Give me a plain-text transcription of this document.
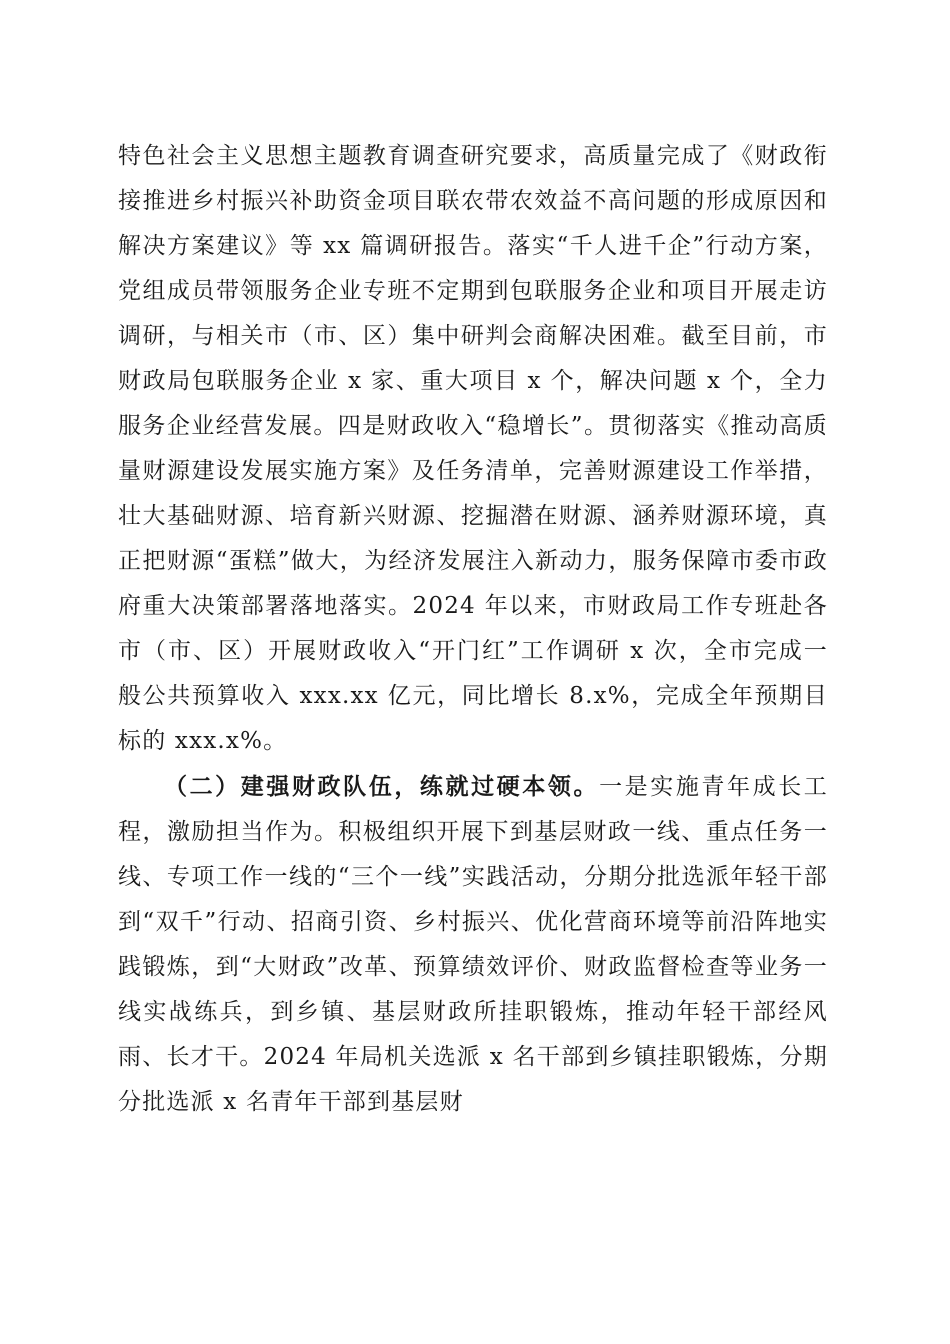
特色社会主义思想主题教育调查研究要求，高质量完成了《财政衔接推进乡村振兴补助资金项目联农带农效益不高问题的形成原因和解决方案建议》等 xx 篇调研报告。落实“千人进千企”行动方案，党组成员带领服务企业专班不定期到包联服务企业和项目开展走访调研，与相关市（市、区）集中研判会商解决困难。截至目前，市财政局包联服务企业 x 家、重大项目 x 个，解决问题 x 个，全力服务企业经营发展。四是财政收入“稳增长”。贯彻落实《推动高质量财源建设发展实施方案》及任务清单，完善财源建设工作举措，壮大基础财源、培育新兴财源、挖掘潜在财源、涵养财源环境，真正把财源“蛋糕”做大，为经济发展注入新动力，服务保障市委市政府重大决策部署落地落实。2024 年以来，市财政局工作专班赴各市（市、区）开展财政收入“开门红”工作调研 x 次，全市完成一般公共预算收入 xxx.xx 亿元，同比增长 8.x%，完成全年预期目标的 xxx.x%。

（二）建强财政队伍，练就过硬本领。一是实施青年成长工程，激励担当作为。积极组织开展下到基层财政一线、重点任务一线、专项工作一线的“三个一线”实践活动，分期分批选派年轻干部到“双千”行动、招商引资、乡村振兴、优化营商环境等前沿阵地实践锻炼，到“大财政”改革、预算绩效评价、财政监督检查等业务一线实战练兵，到乡镇、基层财政所挂职锻炼，推动年轻干部经风雨、长才干。2024 年局机关选派 x 名干部到乡镇挂职锻炼，分期分批选派 x 名青年干部到基层财
